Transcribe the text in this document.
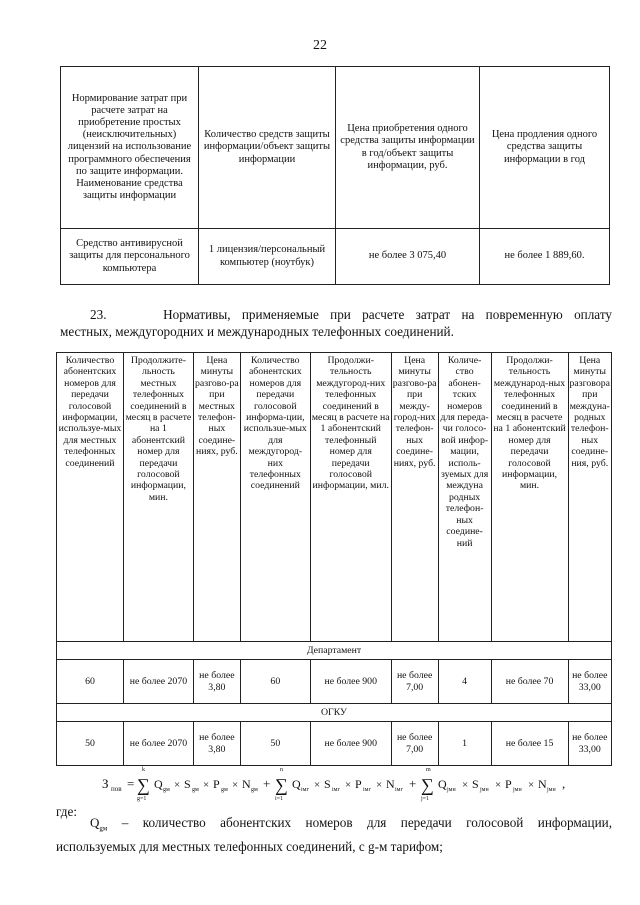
22
Нормирование затрат при расчете затрат на приобретение простых (неисключительных) лицензий на использование программного обеспечения по защите информации. Наименование средства защиты информации	Количество средств защиты информации/объект защиты информации	Цена приобретения одного средства защиты информации в год/объект защиты информации, руб.	Цена продления одного средства защиты информации в год
Средство антивирусной защиты для персонального компьютера	1 лицензия/персональный компьютер (ноутбук)	не более 3 075,40	не более 1 889,60.
23.	Нормативы, применяемые при расчете затрат на повременную оплату
местных, междугородних и международных телефонных соединений.
Количество абонентских номеров для передачи голосовой информации, используе-мых для местных телефонных соединений	Продолжите-льность местных телефонных соединений в месяц в расчете на 1 абонентский номер для передачи голосовой информации, мин.	Цена минуты разгово-ра при местных телефон-ных соедине-ниях, руб.	Количество абонентских номеров для передачи голосовой информа-ции, использue-мых для междугород-них телефонных соединений	Продолжи-тельность междугород-них телефонных соединений в месяц в расчете на 1 абонентский телефонный номер для передачи голосовой информации, мил.	Цена минуты разгово-ра при между-город-них телефон-ных соедине-ниях, руб.	Количе-ство абонен-тских номеров для переда-чи голосо-вой инфор-мации, исполь-зуемых для междуна родных телефон-ных соедине-ний	Продолжи-тельность международ-ных телефонных соединений в месяц в расчете на 1 абонентский номер для передачи голосовой информации, мин.	Цена минуты разговора при междуна-родных телефон-ных соедине-ния, руб.
Департамент								
60	не более 2070	не более 3,80	60	не более 900	не более 7,00	4	не более 70	не более 33,00
ОГКУ								
50	не более 2070	не более 3,80	50	не более 900	не более 7,00	1	не более 15	не более 33,00
З пов =
k
∑
g=1
Q gм × S gм × P gм × N gм +
n
∑
i=1
Q iмг × S iмг × P iмг × N iмг +
m
∑
j=1
Q jмн × S jмн × P jмн × N jмн ,
где:
$Q_{gм}$ – количество абонентских номеров для передачи голосовой информации,
используемых для местных телефонных соединений, с g-м тарифом;
